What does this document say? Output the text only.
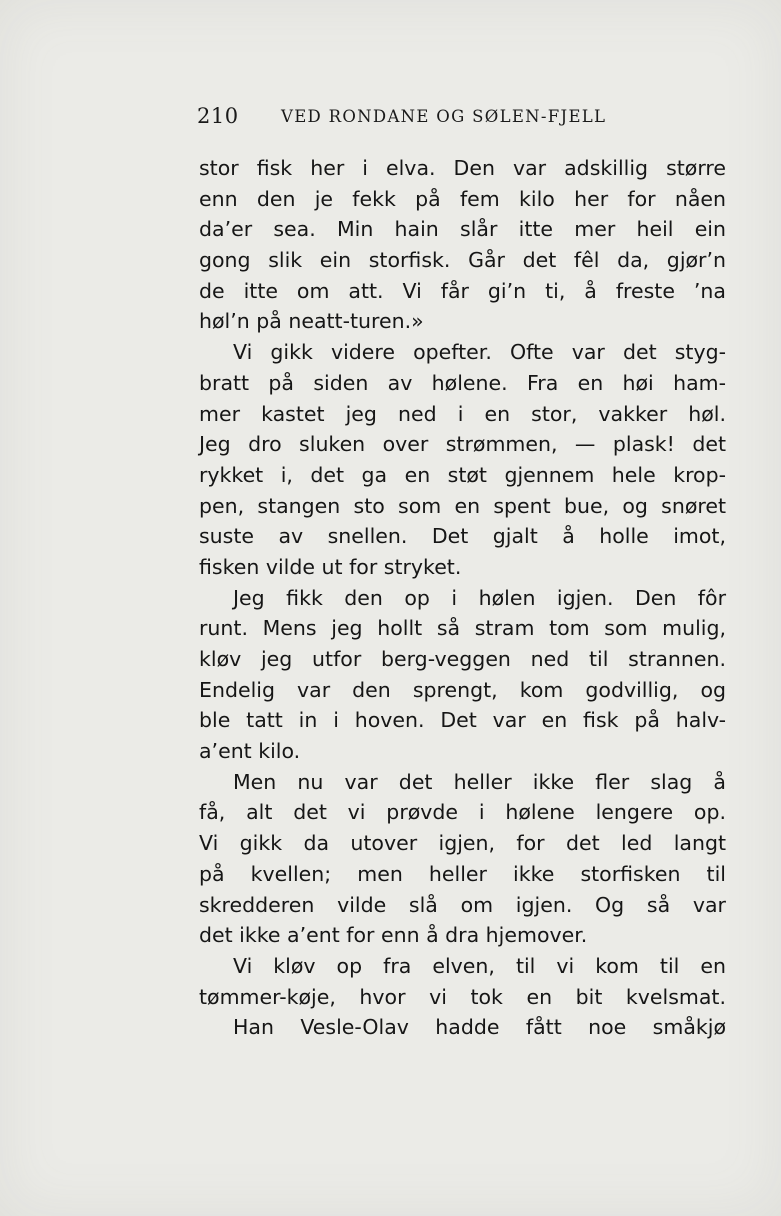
210	VED RONDANE OG SØLEN-FJELL
stor fisk her i elva. Den var adskillig større
enn den je fekk på fem kilo her for nåen
da’er sea. Min hain slår itte mer heil ein
gong slik ein storfisk. Går det fêl da, gjør’n
de itte om att. Vi får gi’n ti, å freste ’na
høl’n på neatt-turen.»
Vi gikk videre opefter. Ofte var det styg-
bratt på siden av hølene. Fra en høi ham-
mer kastet jeg ned i en stor, vakker høl.
Jeg dro sluken over strømmen, — plask! det
rykket i, det ga en støt gjennem hele krop-
pen, stangen sto som en spent bue, og snøret
suste av snellen. Det gjalt å holle imot,
fisken vilde ut for stryket.
Jeg fikk den op i hølen igjen. Den fôr
runt. Mens jeg hollt så stram tom som mulig,
kløv jeg utfor berg-veggen ned til strannen.
Endelig var den sprengt, kom godvillig, og
ble tatt in i hoven. Det var en fisk på halv-
a’ent kilo.
Men nu var det heller ikke fler slag å
få, alt det vi prøvde i hølene lengere op.
Vi gikk da utover igjen, for det led langt
på kvellen; men heller ikke storfisken til
skredderen vilde slå om igjen. Og så var
det ikke a’ent for enn å dra hjemover.
Vi kløv op fra elven, til vi kom til en
tømmer-køje, hvor vi tok en bit kvelsmat.
Han Vesle-Olav hadde fått noe småkjø
